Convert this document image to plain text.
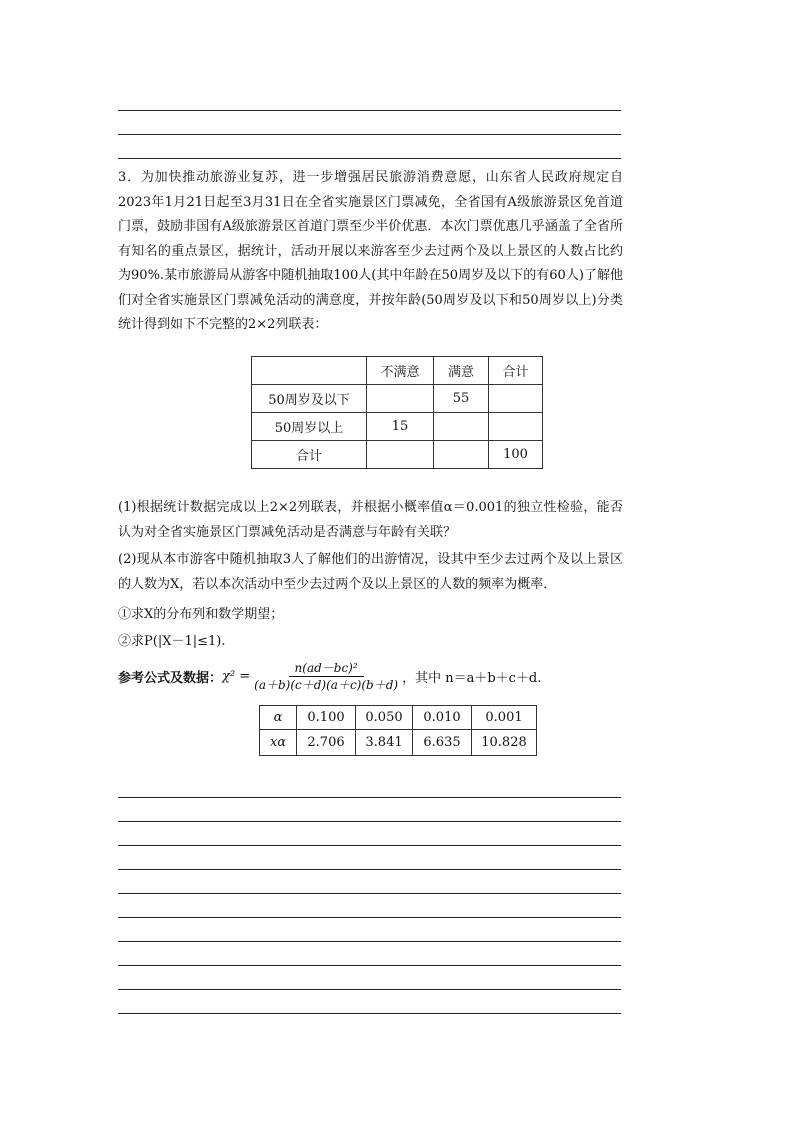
3．为加快推动旅游业复苏，进一步增强居民旅游消费意愿，山东省人民政府规定自2023年1月21日起至3月31日在全省实施景区门票减免，全省国有A级旅游景区免首道门票，鼓励非国有A级旅游景区首道门票至少半价优惠．本次门票优惠几乎涵盖了全省所有知名的重点景区，据统计，活动开展以来游客至少去过两个及以上景区的人数占比约为90%.某市旅游局从游客中随机抽取100人(其中年龄在50周岁及以下的有60人)了解他们对全省实施景区门票减免活动的满意度，并按年龄(50周岁及以下和50周岁以上)分类统计得到如下不完整的2×2列联表：
	不满意	满意	合计
50周岁及以下		55	
50周岁以上	15		
合计			100
(1)根据统计数据完成以上2×2列联表，并根据小概率值α＝0.001的独立性检验，能否认为对全省实施景区门票减免活动是否满意与年龄有关联？
(2)现从本市游客中随机抽取3人了解他们的出游情况，设其中至少去过两个及以上景区的人数为X，若以本次活动中至少去过两个及以上景区的人数的频率为概率．
①求X的分布列和数学期望；
②求P(|X－1|≤1).
参考公式及数据： $\chi^2 = \frac{\text{n(ad－bc)²}}{(a+b)(c+d)(a+c)(b+d)}$ ，其中 n＝a＋b＋c＋d.
α	0.100	0.050	0.010	0.001
xα	2.706	3.841	6.635	10.828
